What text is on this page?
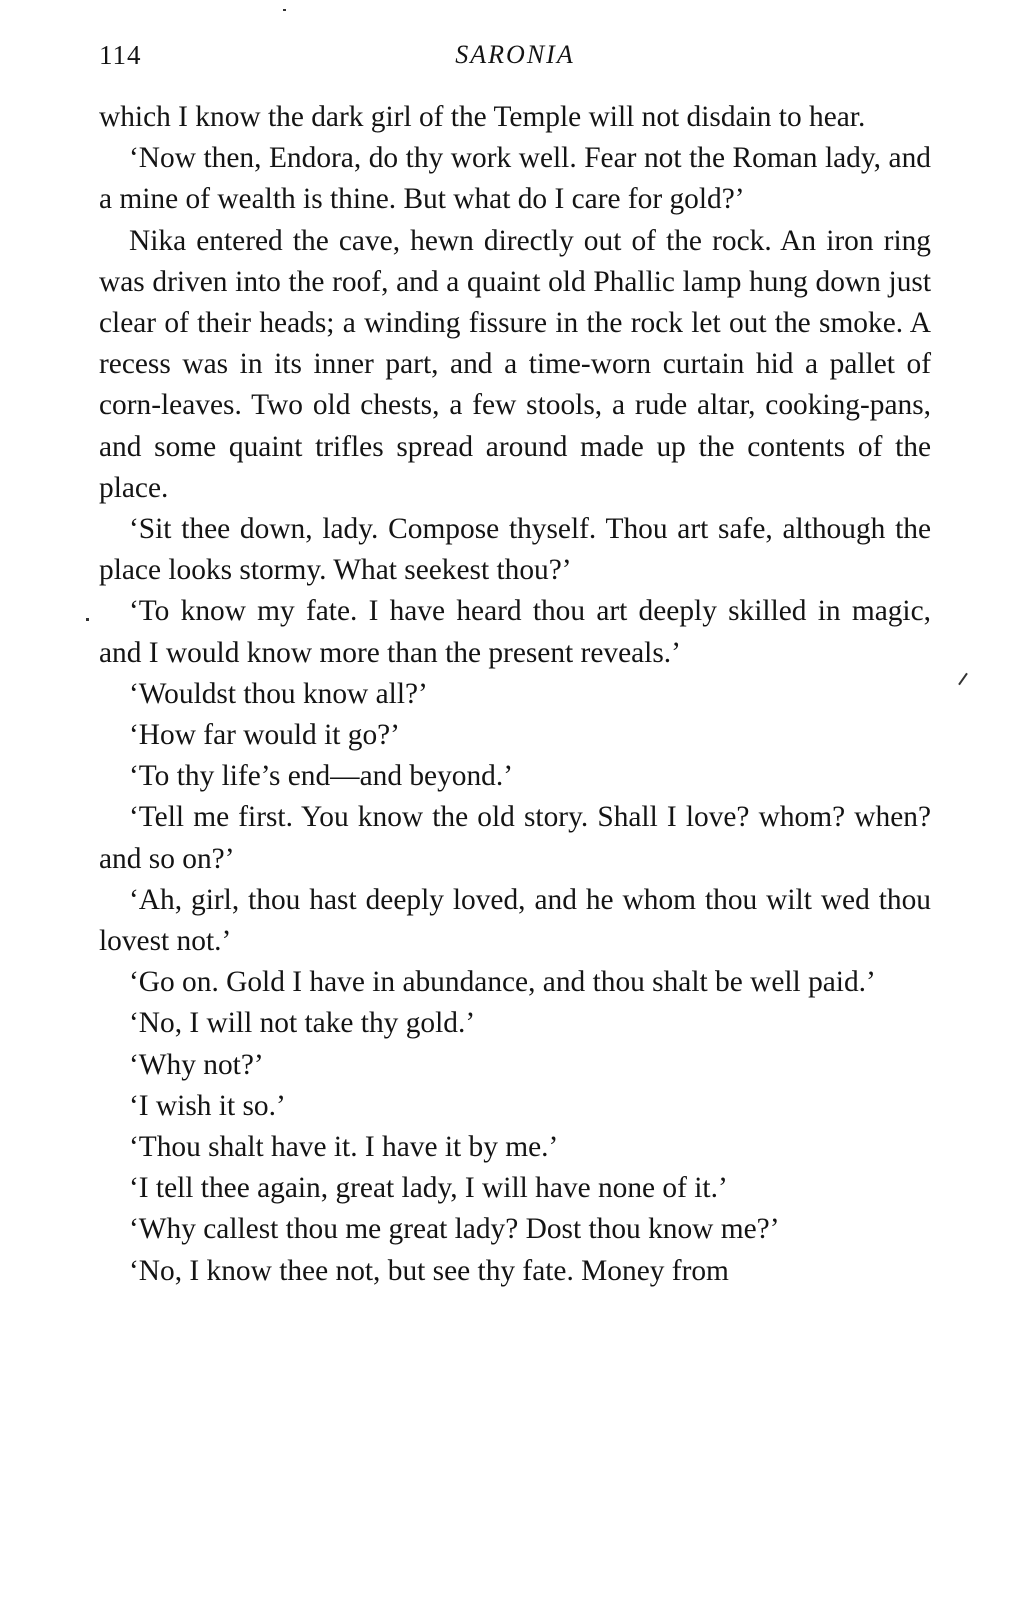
114	SARONIA

which I know the dark girl of the Temple will not disdain to hear.

‘Now then, Endora, do thy work well. Fear not the Roman lady, and a mine of wealth is thine. But what do I care for gold?’

Nika entered the cave, hewn directly out of the rock. An iron ring was driven into the roof, and a quaint old Phallic lamp hung down just clear of their heads; a winding fissure in the rock let out the smoke. A recess was in its inner part, and a time-worn curtain hid a pallet of corn-leaves. Two old chests, a few stools, a rude altar, cooking-pans, and some quaint trifles spread around made up the contents of the place.

‘Sit thee down, lady. Compose thyself. Thou art safe, although the place looks stormy. What seekest thou?’

‘To know my fate. I have heard thou art deeply skilled in magic, and I would know more than the present reveals.’

‘Wouldst thou know all?’

‘How far would it go?’

‘To thy life’s end—and beyond.’

‘Tell me first. You know the old story. Shall I love? whom? when? and so on?’

‘Ah, girl, thou hast deeply loved, and he whom thou wilt wed thou lovest not.’

‘Go on. Gold I have in abundance, and thou shalt be well paid.’

‘No, I will not take thy gold.’

‘Why not?’

‘I wish it so.’

‘Thou shalt have it. I have it by me.’

‘I tell thee again, great lady, I will have none of it.’

‘Why callest thou me great lady? Dost thou know me?’

‘No, I know thee not, but see thy fate. Money from
